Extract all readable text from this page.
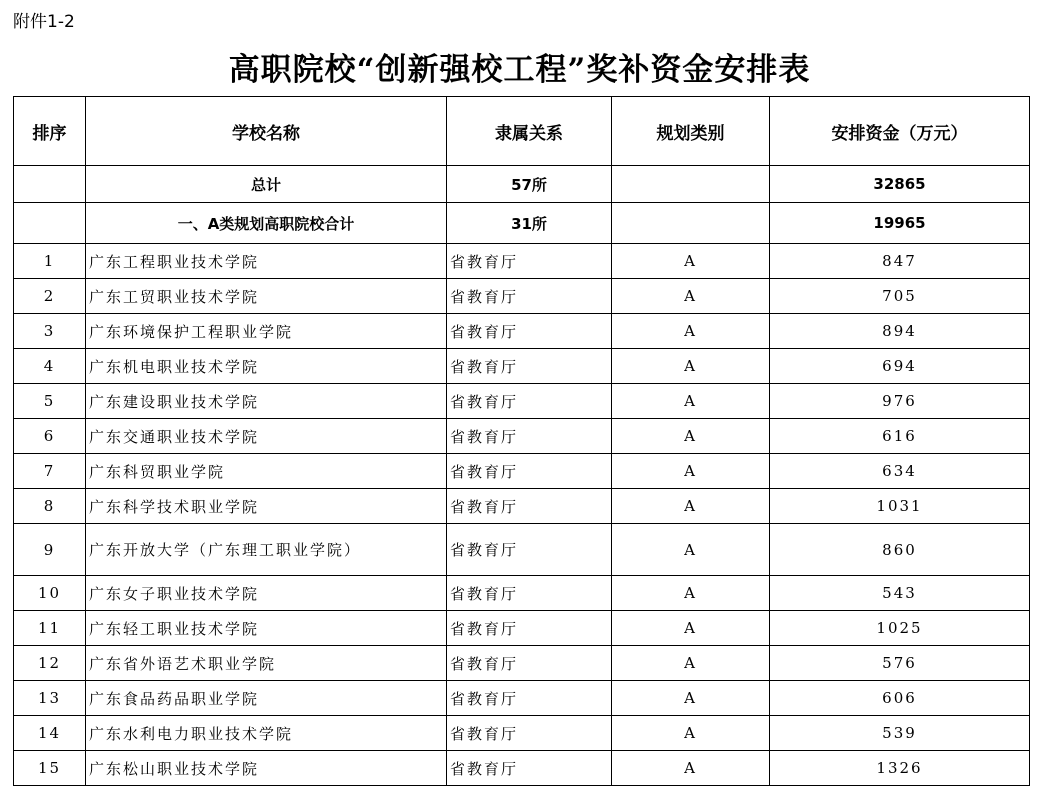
附件1-2
高职院校“创新强校工程”奖补资金安排表
排序	学校名称	隶属关系	规划类别	安排资金（万元）
	总计	57所		32865
	一、A类规划高职院校合计	31所		19965
1	广东工程职业技术学院	省教育厅	A	847
2	广东工贸职业技术学院	省教育厅	A	705
3	广东环境保护工程职业学院	省教育厅	A	894
4	广东机电职业技术学院	省教育厅	A	694
5	广东建设职业技术学院	省教育厅	A	976
6	广东交通职业技术学院	省教育厅	A	616
7	广东科贸职业学院	省教育厅	A	634
8	广东科学技术职业学院	省教育厅	A	1031
9	广东开放大学（广东理工职业学院）	省教育厅	A	860
10	广东女子职业技术学院	省教育厅	A	543
11	广东轻工职业技术学院	省教育厅	A	1025
12	广东省外语艺术职业学院	省教育厅	A	576
13	广东食品药品职业学院	省教育厅	A	606
14	广东水利电力职业技术学院	省教育厅	A	539
15	广东松山职业技术学院	省教育厅	A	1326
